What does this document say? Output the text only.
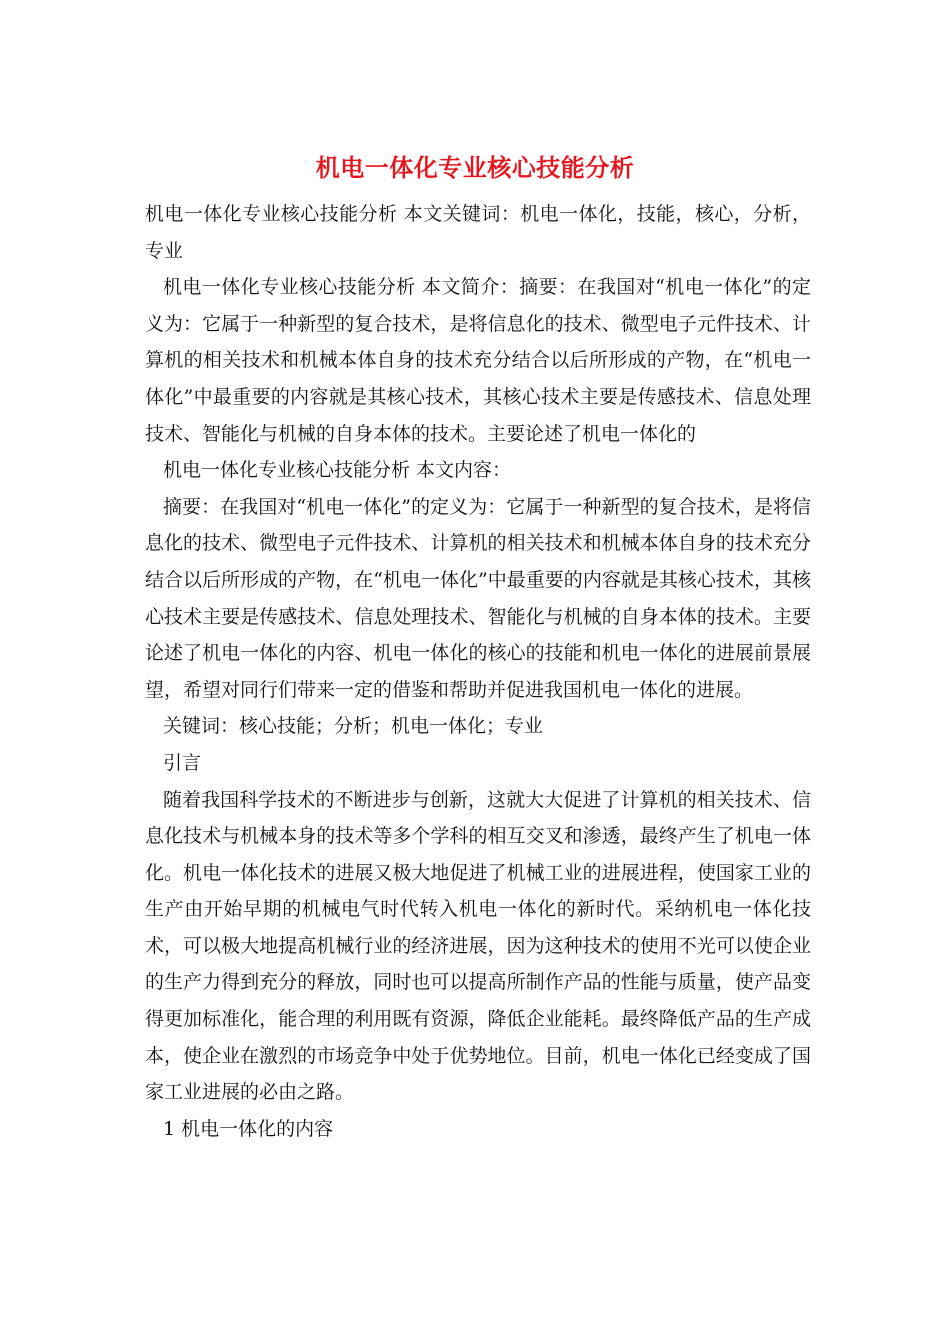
机电一体化专业核心技能分析

机电一体化专业核心技能分析 本文关键词：机电一体化，技能，核心，分析，专业

机电一体化专业核心技能分析 本文简介：摘要：在我国对“机电一体化”的定义为：它属于一种新型的复合技术，是将信息化的技术、微型电子元件技术、计算机的相关技术和机械本体自身的技术充分结合以后所形成的产物，在“机电一体化”中最重要的内容就是其核心技术，其核心技术主要是传感技术、信息处理技术、智能化与机械的自身本体的技术。主要论述了机电一体化的

机电一体化专业核心技能分析 本文内容：

摘要：在我国对“机电一体化”的定义为：它属于一种新型的复合技术，是将信息化的技术、微型电子元件技术、计算机的相关技术和机械本体自身的技术充分结合以后所形成的产物，在“机电一体化”中最重要的内容就是其核心技术，其核心技术主要是传感技术、信息处理技术、智能化与机械的自身本体的技术。主要论述了机电一体化的内容、机电一体化的核心的技能和机电一体化的进展前景展望，希望对同行们带来一定的借鉴和帮助并促进我国机电一体化的进展。

关键词：核心技能；分析；机电一体化；专业

引言

随着我国科学技术的不断进步与创新，这就大大促进了计算机的相关技术、信息化技术与机械本身的技术等多个学科的相互交叉和渗透，最终产生了机电一体化。机电一体化技术的进展又极大地促进了机械工业的进展进程，使国家工业的生产由开始早期的机械电气时代转入机电一体化的新时代。采纳机电一体化技术，可以极大地提高机械行业的经济进展，因为这种技术的使用不光可以使企业的生产力得到充分的释放，同时也可以提高所制作产品的性能与质量，使产品变得更加标准化，能合理的利用既有资源，降低企业能耗。最终降低产品的生产成本，使企业在激烈的市场竞争中处于优势地位。目前，机电一体化已经变成了国家工业进展的必由之路。

1 机电一体化的内容
